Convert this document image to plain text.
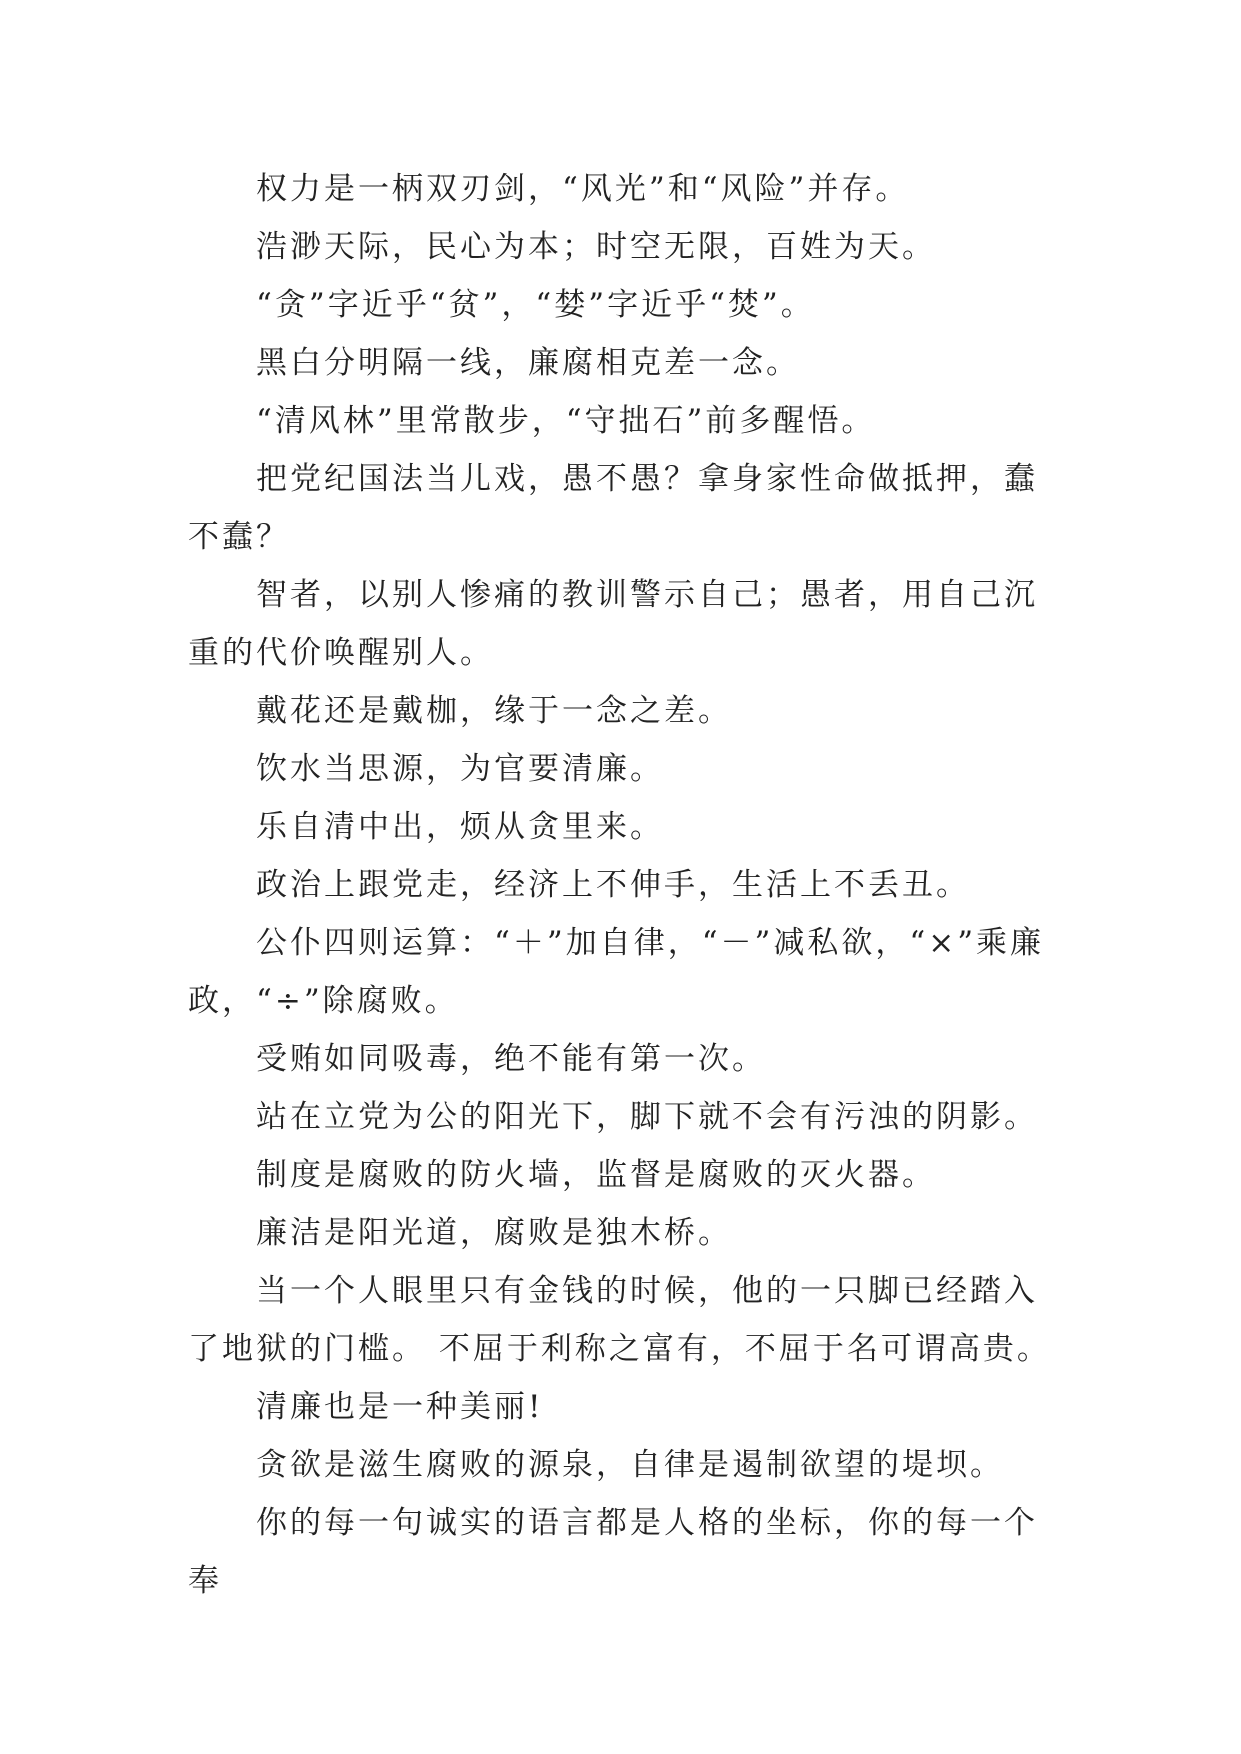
权力是一柄双刃剑，“风光”和“风险”并存。

浩渺天际，民心为本；时空无限，百姓为天。

“贪”字近乎“贫”，“婪”字近乎“焚”。

黑白分明隔一线，廉腐相克差一念。

“清风林”里常散步，“守拙石”前多醒悟。

把党纪国法当儿戏，愚不愚？拿身家性命做抵押，蠢不蠢？

智者，以别人惨痛的教训警示自己；愚者，用自己沉重的代价唤醒别人。

戴花还是戴枷，缘于一念之差。

饮水当思源，为官要清廉。

乐自清中出，烦从贪里来。

政治上跟党走，经济上不伸手，生活上不丢丑。

公仆四则运算：“＋”加自律，“－”减私欲，“×”乘廉政，“÷”除腐败。

受贿如同吸毒，绝不能有第一次。

站在立党为公的阳光下，脚下就不会有污浊的阴影。

制度是腐败的防火墙，监督是腐败的灭火器。

廉洁是阳光道，腐败是独木桥。

当一个人眼里只有金钱的时候，他的一只脚已经踏入了地狱的门槛。 不屈于利称之富有，不屈于名可谓高贵。

清廉也是一种美丽!

贪欲是滋生腐败的源泉，自律是遏制欲望的堤坝。

你的每一句诚实的语言都是人格的坐标，你的每一个奉
